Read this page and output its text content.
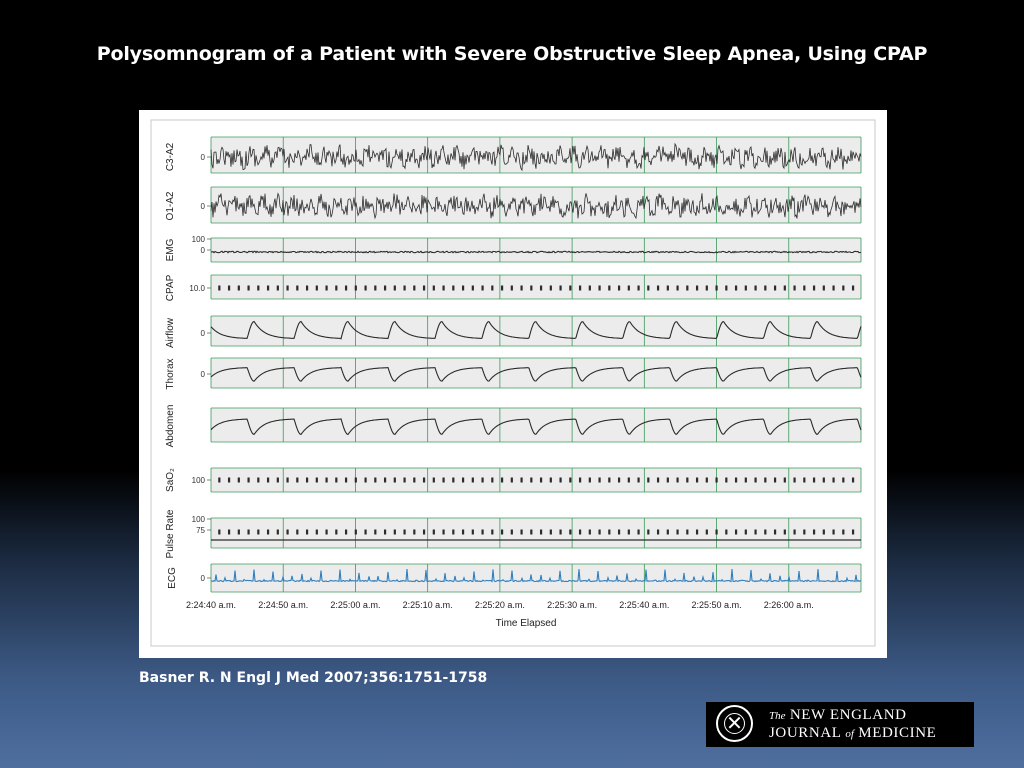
Polysomnogram of a Patient with Severe Obstructive Sleep Apnea, Using CPAP
C3-A2	0
O1-A2	0
EMG 100
0
CPAP 10.0
Airflow	0
Thorax	0
Abdomen
SaO₂ 100
Pulse Rate 100
75
ECG	0
2:24:40 a.m. 2:24:50 a.m. 2:25:00 a.m. 2:25:10 a.m. 2:25:20 a.m. 2:25:30 a.m. 2:25:40 a.m. 2:25:50 a.m. 2:26:00 a.m.
Time Elapsed
Basner R. N Engl J Med 2007;356:1751-1758
✕	The NEW ENGLAND
JOURNAL of MEDICINE
